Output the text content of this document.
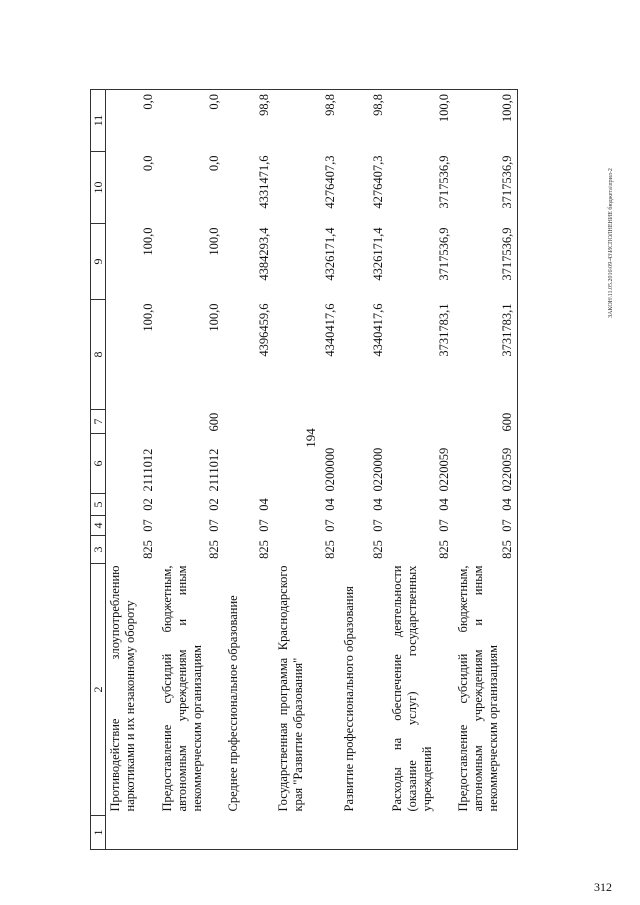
194
312
ЗАКОН\11.05.2016\09-43\ИСПОЛНЕНИЕ бюджета\прил-2
1	2	3	4	5	6	7	8	9	10	11
	Противодействие злоупотреблению наркотиками и их незаконному обороту	825	07	02	2111012		100,0	100,0	0,0	0,0
	Предоставление субсидий бюджетным, автономным учреждениям и иным некоммерческим организациям	825	07	02	2111012	600	100,0	100,0	0,0	0,0
	Среднее профессиональное образование	825	07	04			4396459,6	4384293,4	4331471,6	98,8
	Государственная программа Краснодарского края "Развитие образования"	825	07	04	0200000		4340417,6	4326171,4	4276407,3	98,8
	Развитие профессионального образования	825	07	04	0220000		4340417,6	4326171,4	4276407,3	98,8
	Расходы на обеспечение деятельности (оказание услуг) государственных учреждений	825	07	04	0220059		3731783,1	3717536,9	3717536,9	100,0
	Предоставление субсидий бюджетным, автономным учреждениям и иным некоммерческим организациям	825	07	04	0220059	600	3731783,1	3717536,9	3717536,9	100,0
